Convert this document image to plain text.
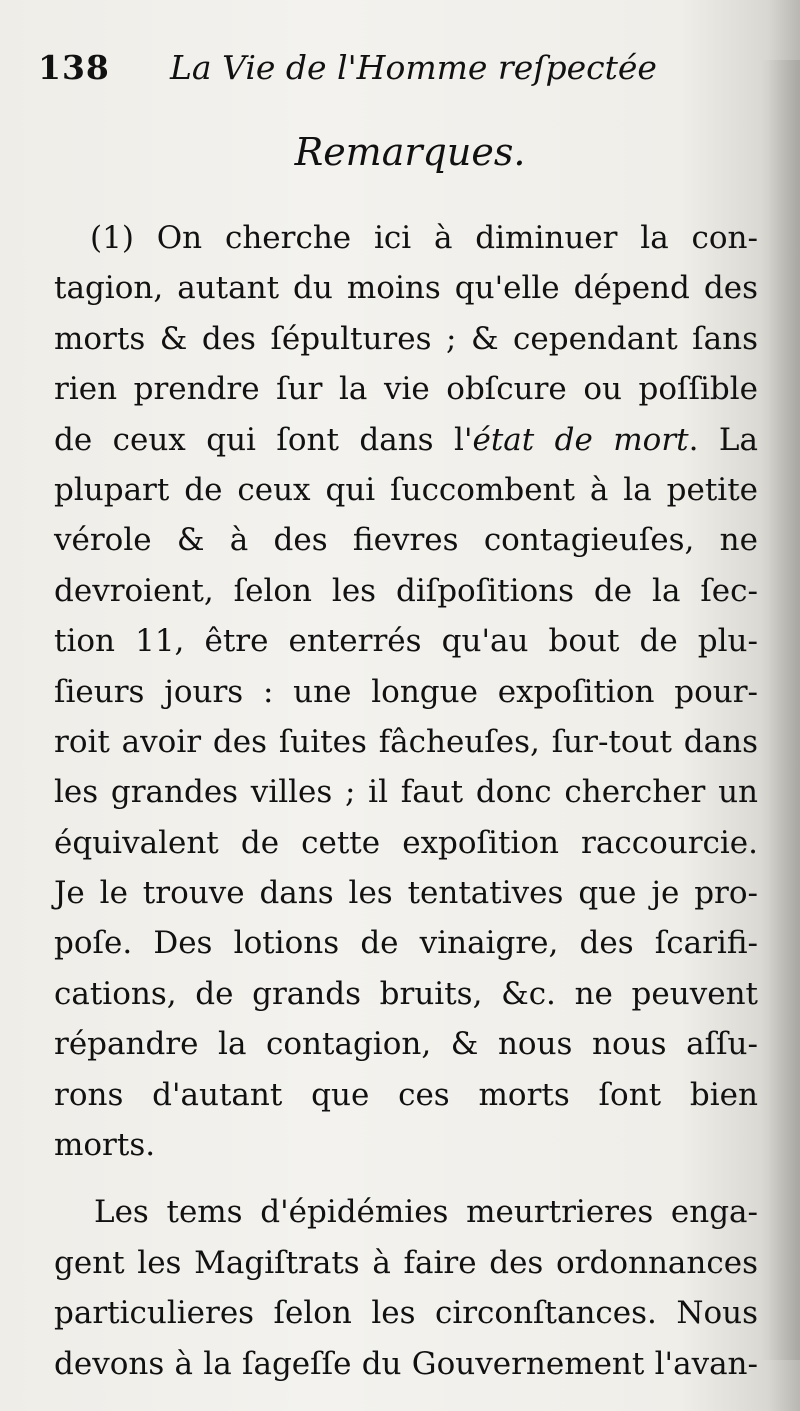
138 La Vie de l'Homme reſpectée
Remarques.
(1) On cherche ici à diminuer la con-
tagion, autant du moins qu'elle dépend des
morts & des ſépultures ; & cependant ſans
rien prendre ſur la vie obſcure ou poſſible
de ceux qui ſont dans l'état de mort. La
plupart de ceux qui ſuccombent à la petite
vérole & à des fievres contagieuſes, ne
devroient, ſelon les diſpoſitions de la ſec-
tion 11, être enterrés qu'au bout de plu-
ſieurs jours : une longue expoſition pour-
roit avoir des ſuites fâcheuſes, ſur-tout dans
les grandes villes ; il faut donc chercher un
équivalent de cette expoſition raccourcie.
Je le trouve dans les tentatives que je pro-
poſe. Des lotions de vinaigre, des ſcarifi-
cations, de grands bruits, &c. ne peuvent
répandre la contagion, & nous nous aſſu-
rons d'autant que ces morts ſont bien
morts.
Les tems d'épidémies meurtrieres enga-
gent les Magiſtrats à faire des ordonnances
particulieres ſelon les circonſtances. Nous
devons à la ſageſſe du Gouvernement l'avan-
